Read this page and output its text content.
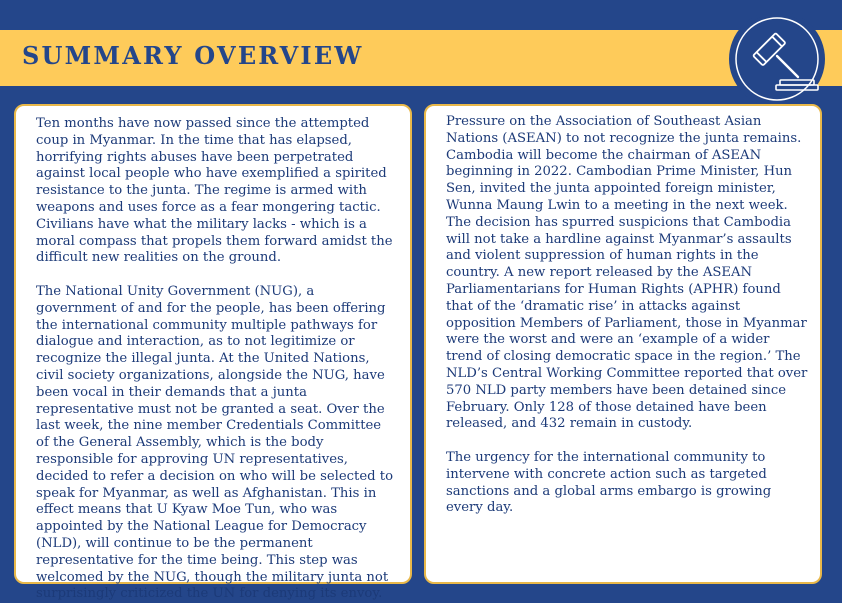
SUMMARY OVERVIEW

Ten months have now passed since the attempted coup in Myanmar. In the time that has elapsed, horrifying rights abuses have been perpetrated against local people who have exemplified a spirited resistance to the junta. The regime is armed with weapons and uses force as a fear mongering tactic. Civilians have what the military lacks - which is a moral compass that propels them forward amidst the difficult new realities on the ground.

The National Unity Government (NUG), a government of and for the people, has been offering the international community multiple pathways for dialogue and interaction, as to not legitimize or recognize the illegal junta. At the United Nations, civil society organizations, alongside the NUG, have been vocal in their demands that a junta representative must not be granted a seat. Over the last week, the nine member Credentials Committee of the General Assembly, which is the body responsible for approving UN representatives, decided to refer a decision on who will be selected to speak for Myanmar, as well as Afghanistan. This in effect means that U Kyaw Moe Tun, who was appointed by the National League for Democracy (NLD), will continue to be the permanent representative for the time being. This step was welcomed by the NUG, though the military junta not surprisingly criticized the UN for denying its envoy.

Pressure on the Association of Southeast Asian Nations (ASEAN) to not recognize the junta remains. Cambodia will become the chairman of ASEAN beginning in 2022. Cambodian Prime Minister, Hun Sen, invited the junta appointed foreign minister, Wunna Maung Lwin to a meeting in the next week. The decision has spurred suspicions that Cambodia will not take a hardline against Myanmar’s assaults and violent suppression of human rights in the country. A new report released by the ASEAN Parliamentarians for Human Rights (APHR) found that of the ‘dramatic rise’ in attacks against opposition Members of Parliament, those in Myanmar were the worst and were an ‘example of a wider trend of closing democratic space in the region.’ The NLD’s Central Working Committee reported that over 570 NLD party members have been detained since February. Only 128 of those detained have been released, and 432 remain in custody.

The urgency for the international community to intervene with concrete action such as targeted sanctions and a global arms embargo is growing every day.
